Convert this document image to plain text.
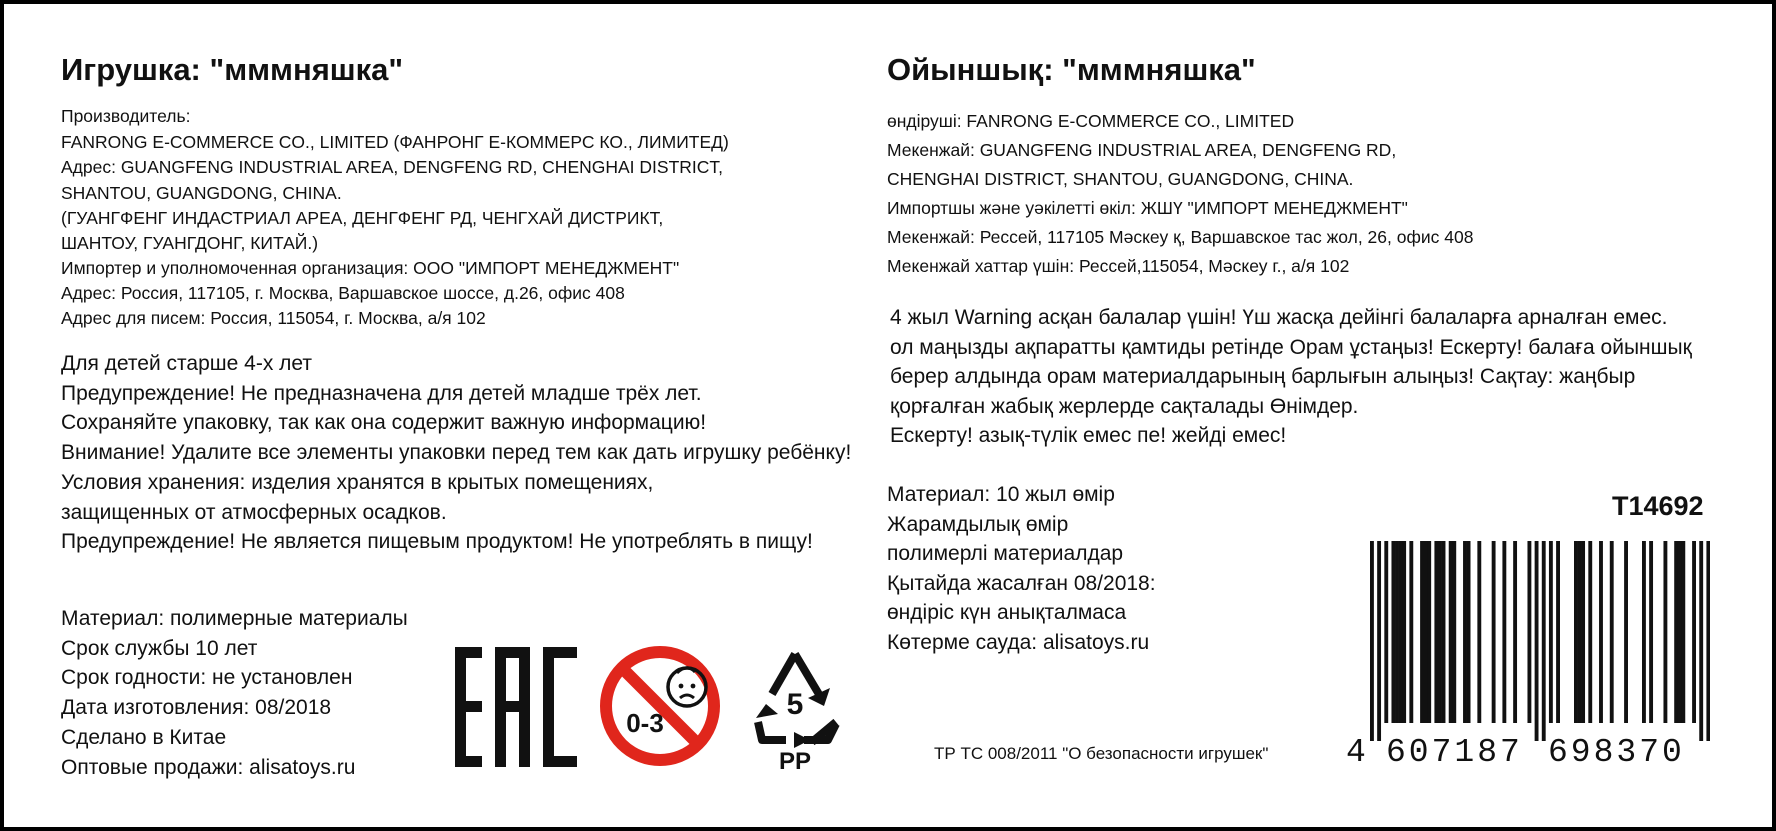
Игрушка: "мммняшка"
Производитель:
FANRONG E-COMMERCE CO., LIMITED (ФАНРОНГ Е-КОММЕРС КО., ЛИМИТЕД)
Адрес: GUANGFENG INDUSTRIAL AREA, DENGFENG RD, CHENGHAI DISTRICT,
SHANTOU, GUANGDONG, CHINA.
(ГУАНГФЕНГ ИНДАСТРИАЛ АРЕА, ДЕНГФЕНГ РД, ЧЕНГХАЙ ДИСТРИКТ,
ШАНТОУ, ГУАНГДОНГ, КИТАЙ.)
Импортер и уполномоченная организация: ООО "ИМПОРТ МЕНЕДЖМЕНТ"
Адрес: Россия, 117105, г. Москва, Варшавское шоссе, д.26, офис 408
Адрес для писем: Россия, 115054, г. Москва, а/я 102
Для детей старше 4-х лет
Предупреждение! Не предназначена для детей младше трёх лет.
Сохраняйте упаковку, так как она содержит важную информацию!
Внимание! Удалите все элементы упаковки перед тем как дать игрушку ребёнку!
Условия хранения: изделия хранятся в крытых помещениях,
защищенных от атмосферных осадков.
Предупреждение! Не является пищевым продуктом! Не употреблять в пищу!
Материал: полимерные материалы
Срок службы 10 лет
Срок годности: не установлен
Дата изготовления: 08/2018
Сделано в Китае
Оптовые продажи: alisatoys.ru
0-3
5
PP
Ойыншық: "мммняшка"
өндіруші: FANRONG E-COMMERCE CO., LIMITED
Мекенжай: GUANGFENG INDUSTRIAL AREA, DENGFENG RD,
CHENGHAI DISTRICT, SHANTOU, GUANGDONG, CHINA.
Импортшы және уәкілетті өкіл: ЖШҮ "ИМПОРТ МЕНЕДЖМЕНТ"
Мекенжай: Рессей, 117105 Мәскеу қ, Варшавское тас жол, 26, офис 408
Мекенжай хаттар үшін: Рессей,115054, Мәскеу г., а/я 102
4 жыл Warning асқан балалар үшін! Үш жасқа дейінгі балаларға арналған емес.
ол маңызды ақпаратты қамтиды ретінде Орам ұстаңыз! Ескерту! балаға ойыншық
берер алдында орам материалдарының барлығын алыңыз! Сақтау: жаңбыр
қорғалған жабық жерлерде сақталады Өнімдер.
Ескерту! азық-түлік емес пе! жейді емес!
Материал: 10 жыл өмір
Жарамдылық өмір
полимерлі материалдар
Қытайда жасалған 08/2018:
өндіріс күн анықталмаса
Көтерме сауда: alisatoys.ru
ТР ТС 008/2011 "О безопасности игрушек"
T14692
4 607187 698370
